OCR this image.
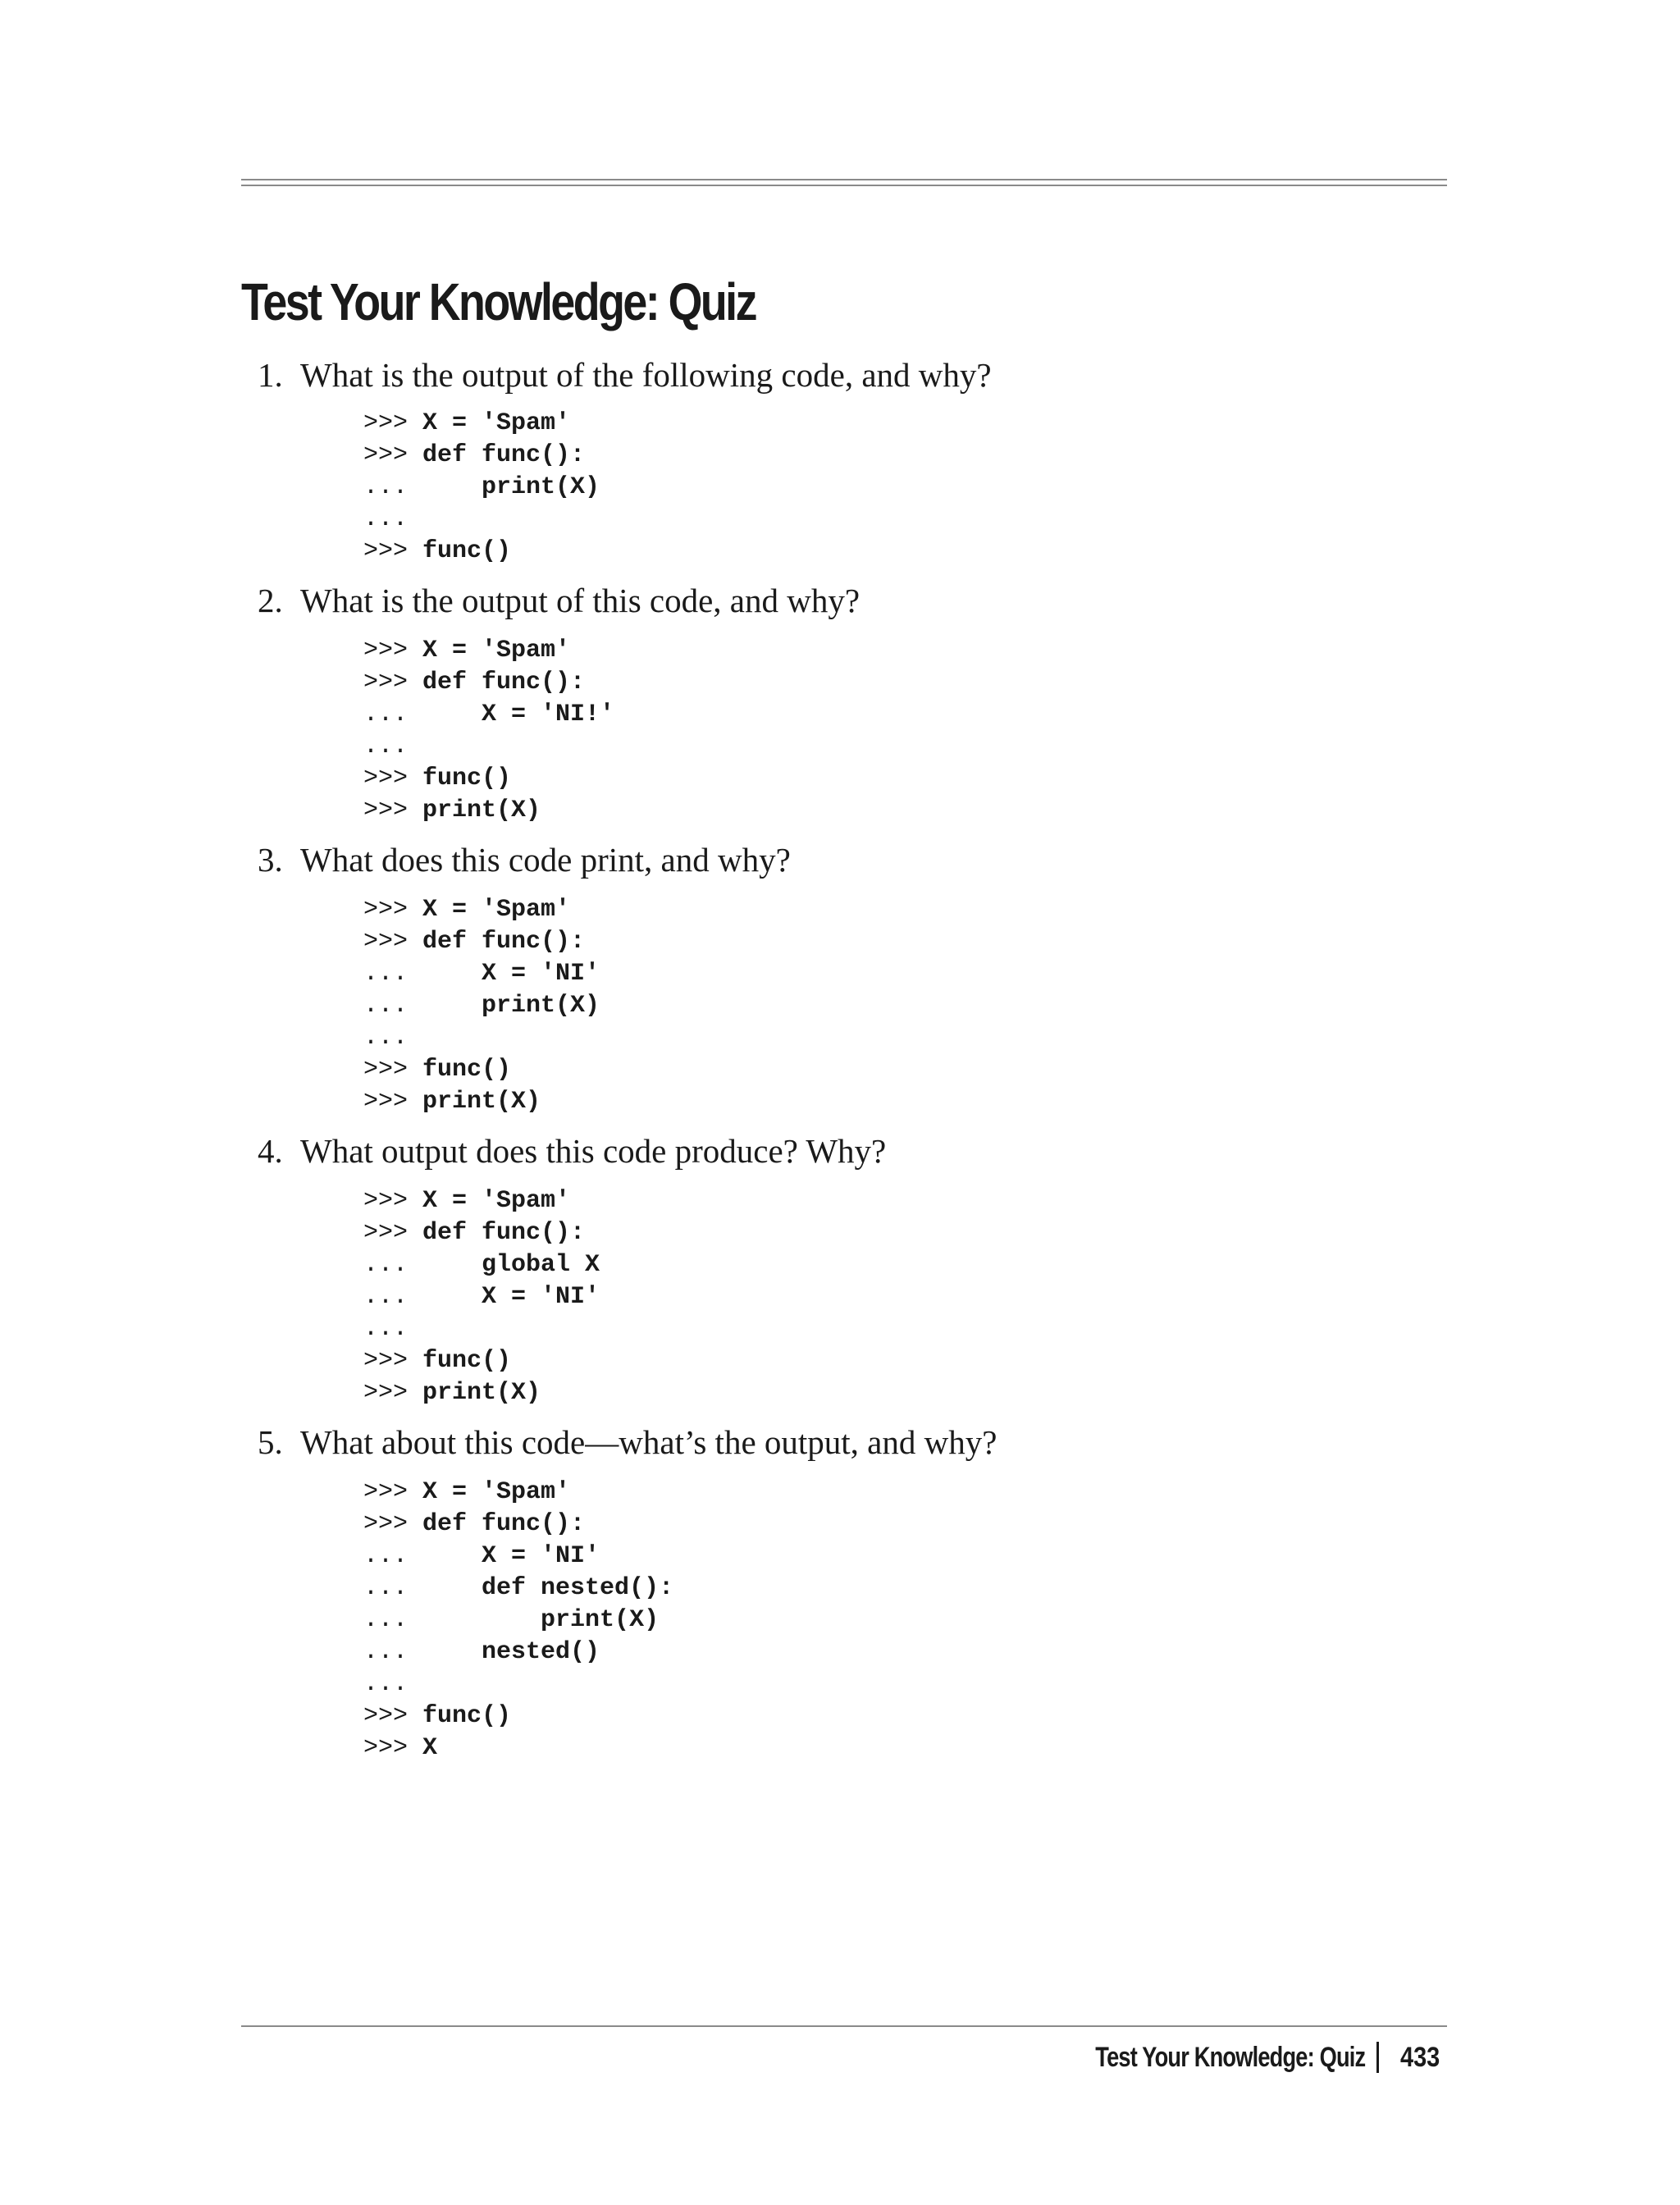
Test Your Knowledge: Quiz
1. What is the output of the following code, and why?
>>> X = 'Spam'
>>> def func():
...     print(X)
...
>>> func()
2. What is the output of this code, and why?
>>> X = 'Spam'
>>> def func():
...     X = 'NI!'
...
>>> func()
>>> print(X)
3. What does this code print, and why?
>>> X = 'Spam'
>>> def func():
...     X = 'NI'
...     print(X)
...
>>> func()
>>> print(X)
4. What output does this code produce? Why?
>>> X = 'Spam'
>>> def func():
...     global X
...     X = 'NI'
...
>>> func()
>>> print(X)
5. What about this code—what’s the output, and why?
>>> X = 'Spam'
>>> def func():
...     X = 'NI'
...     def nested():
...         print(X)
...     nested()
...
>>> func()
>>> X
Test Your Knowledge: Quiz 433
